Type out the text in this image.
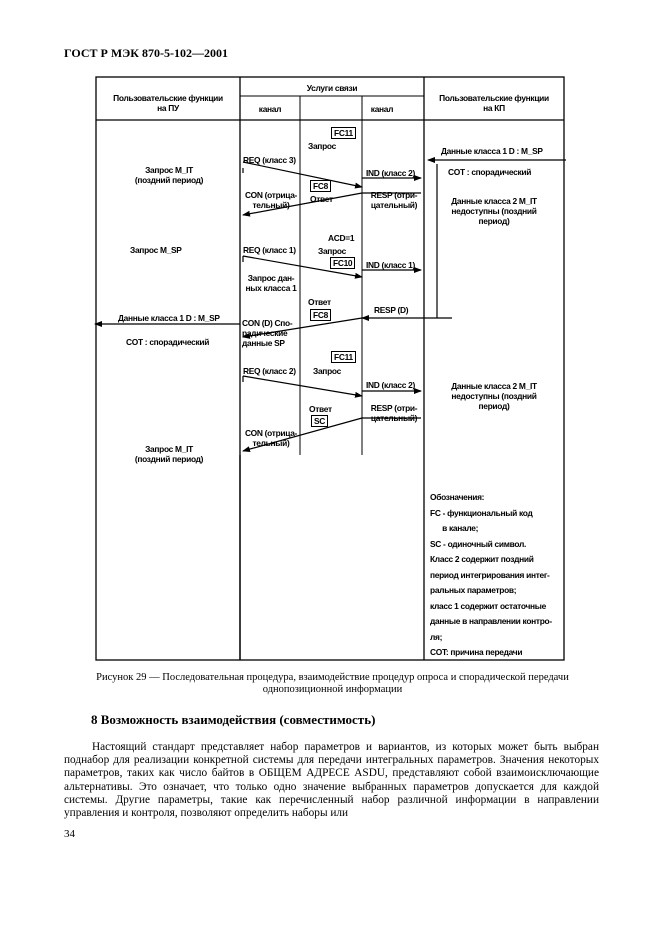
ГОСТ Р МЭК 870-5-102—2001
Пользовательские функции
на ПУ
Услуги связи
канал	канал
Пользовательские функции
на КП
FC11
Запрос	Данные класса 1 D : M_SP
COT : спорадический
Запрос M_IT
(поздний период)
REQ (класс 3)
IND (класс 2)
FC8
Ответ
CON (отрица-
тельный)
RESP (отри-
цательный)	Данные класса 2 M_IT
недоступны (поздний
период)
ACD=1
Запрос
FC10
Запрос M_SP	REQ (класс 1)
IND (класс 1)
Запрос дан-
ных класса 1
Ответ
FC8	RESP (D)
Данные класса 1 D : M_SP	CON (D) Спо-
радические
данные SP
COT : спорадический
FC11
REQ (класс 2) Запрос
IND (класс 2)	Данные класса 2 M_IT
недоступны (поздний
период)
Ответ
SC
RESP (отри-
цательный)
CON (отрица-
тельный)
Запрос M_IT
(поздний период)
Обозначения:
FC - функциональный код
в канале;
SC - одиночный символ.
Класс 2 содержит поздний
период интегрирования интег-
ральных параметров;
класс 1 содержит остаточные
данные в направлении контро-
ля;
COT: причина передачи
Рисунок 29 — Последовательная процедура, взаимодействие процедур опроса и спорадической передачи однопозиционной информации
8 Возможность взаимодействия (совместимость)
Настоящий стандарт представляет набор параметров и вариантов, из которых может быть выбран поднабор для реализации конкретной системы для передачи интегральных параметров. Значения некоторых параметров, таких как число байтов в ОБЩЕМ АДРЕСЕ ASDU, представляют собой взаимоисключающие альтернативы. Это означает, что только одно значение выбранных параметров допускается для каждой системы. Другие параметры, такие как перечисленный набор различной информации в направлении управления и контроля, позволяют определить наборы или
34
